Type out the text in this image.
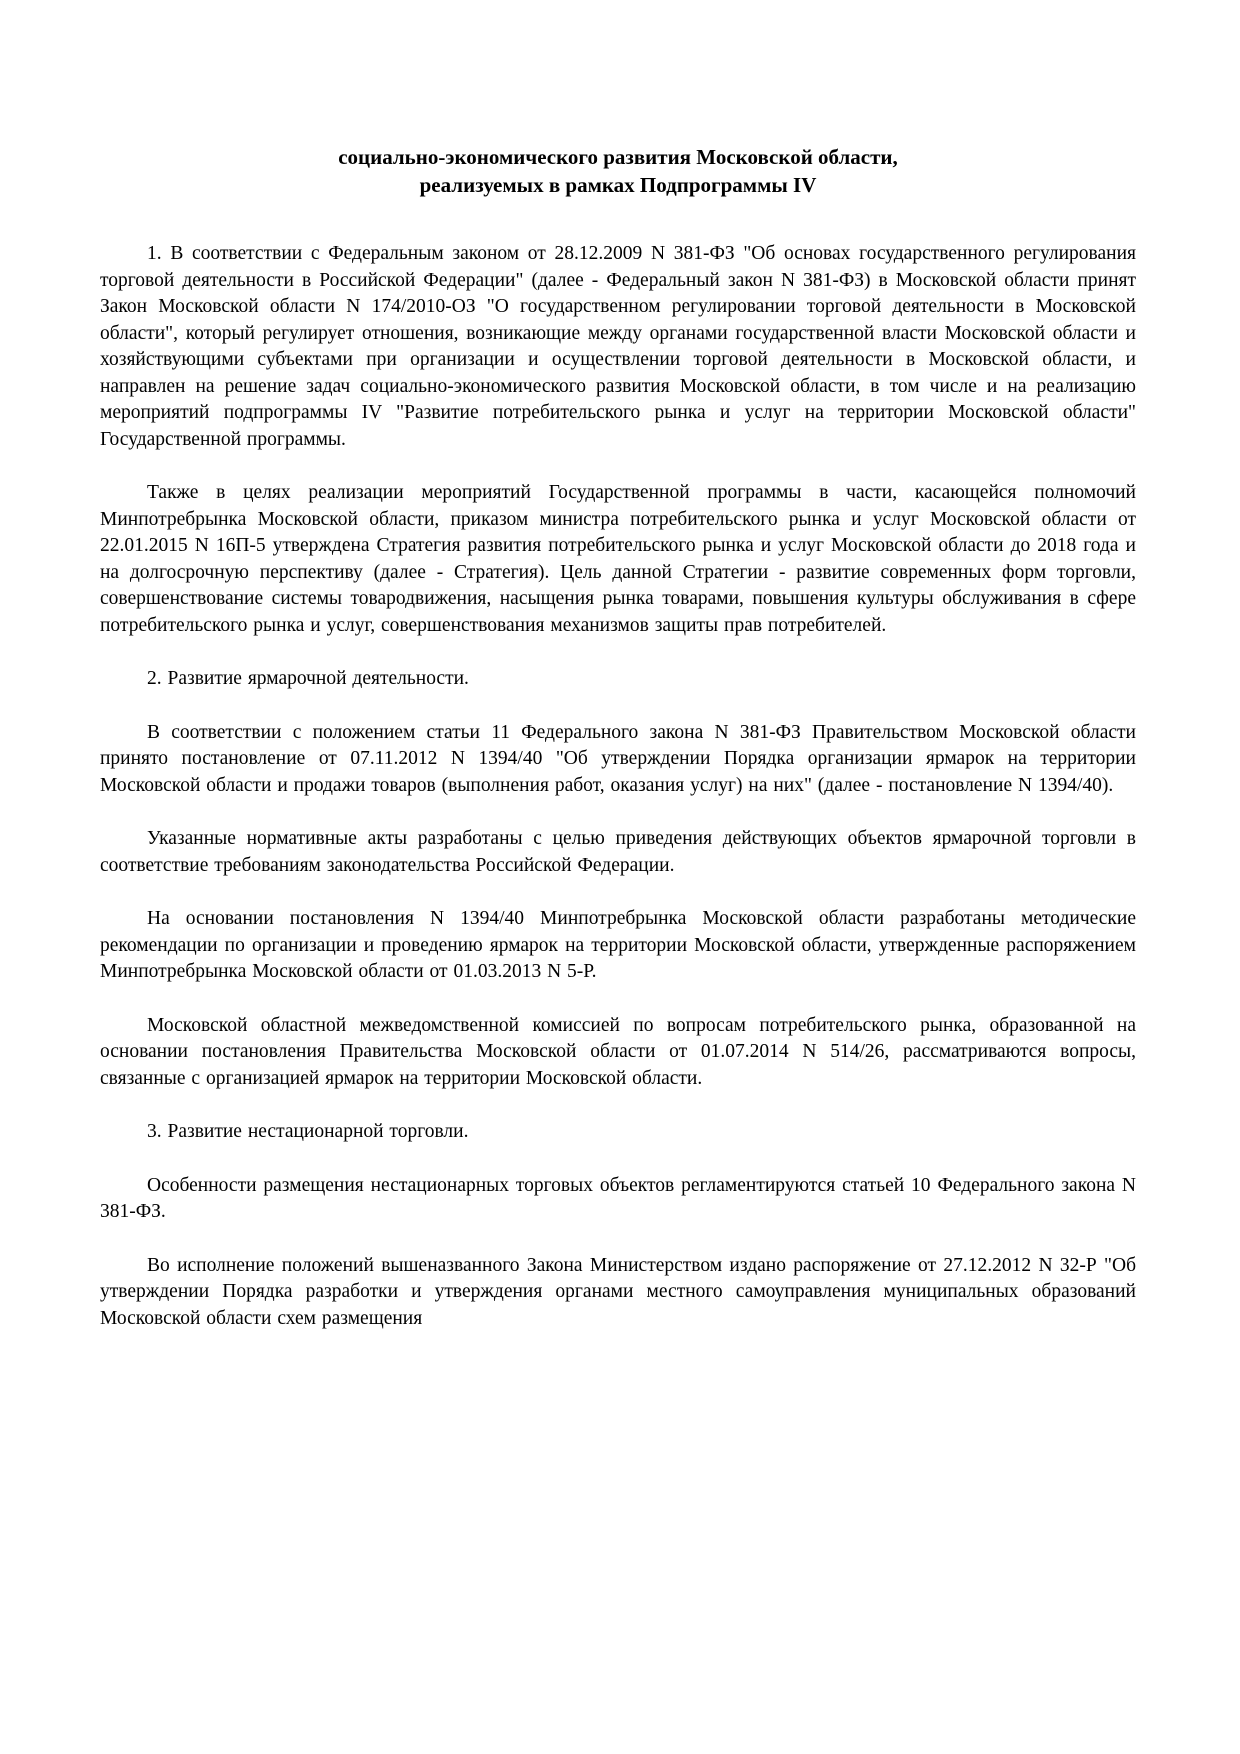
социально-экономического развития Московской области,
реализуемых в рамках Подпрограммы IV

1. В соответствии с Федеральным законом от 28.12.2009 N 381-ФЗ "Об основах государственного регулирования торговой деятельности в Российской Федерации" (далее - Федеральный закон N 381-ФЗ) в Московской области принят Закон Московской области N 174/2010-ОЗ "О государственном регулировании торговой деятельности в Московской области", который регулирует отношения, возникающие между органами государственной власти Московской области и хозяйствующими субъектами при организации и осуществлении торговой деятельности в Московской области, и направлен на решение задач социально-экономического развития Московской области, в том числе и на реализацию мероприятий подпрограммы IV "Развитие потребительского рынка и услуг на территории Московской области" Государственной программы.

Также в целях реализации мероприятий Государственной программы в части, касающейся полномочий Минпотребрынка Московской области, приказом министра потребительского рынка и услуг Московской области от 22.01.2015 N 16П-5 утверждена Стратегия развития потребительского рынка и услуг Московской области до 2018 года и на долгосрочную перспективу (далее - Стратегия). Цель данной Стратегии - развитие современных форм торговли, совершенствование системы товародвижения, насыщения рынка товарами, повышения культуры обслуживания в сфере потребительского рынка и услуг, совершенствования механизмов защиты прав потребителей.

2. Развитие ярмарочной деятельности.

В соответствии с положением статьи 11 Федерального закона N 381-ФЗ Правительством Московской области принято постановление от 07.11.2012 N 1394/40 "Об утверждении Порядка организации ярмарок на территории Московской области и продажи товаров (выполнения работ, оказания услуг) на них" (далее - постановление N 1394/40).

Указанные нормативные акты разработаны с целью приведения действующих объектов ярмарочной торговли в соответствие требованиям законодательства Российской Федерации.

На основании постановления N 1394/40 Минпотребрынка Московской области разработаны методические рекомендации по организации и проведению ярмарок на территории Московской области, утвержденные распоряжением Минпотребрынка Московской области от 01.03.2013 N 5-Р.

Московской областной межведомственной комиссией по вопросам потребительского рынка, образованной на основании постановления Правительства Московской области от 01.07.2014 N 514/26, рассматриваются вопросы, связанные с организацией ярмарок на территории Московской области.

3. Развитие нестационарной торговли.

Особенности размещения нестационарных торговых объектов регламентируются статьей 10 Федерального закона N 381-ФЗ.

Во исполнение положений вышеназванного Закона Министерством издано распоряжение от 27.12.2012 N 32-Р "Об утверждении Порядка разработки и утверждения органами местного самоуправления муниципальных образований Московской области схем размещения
